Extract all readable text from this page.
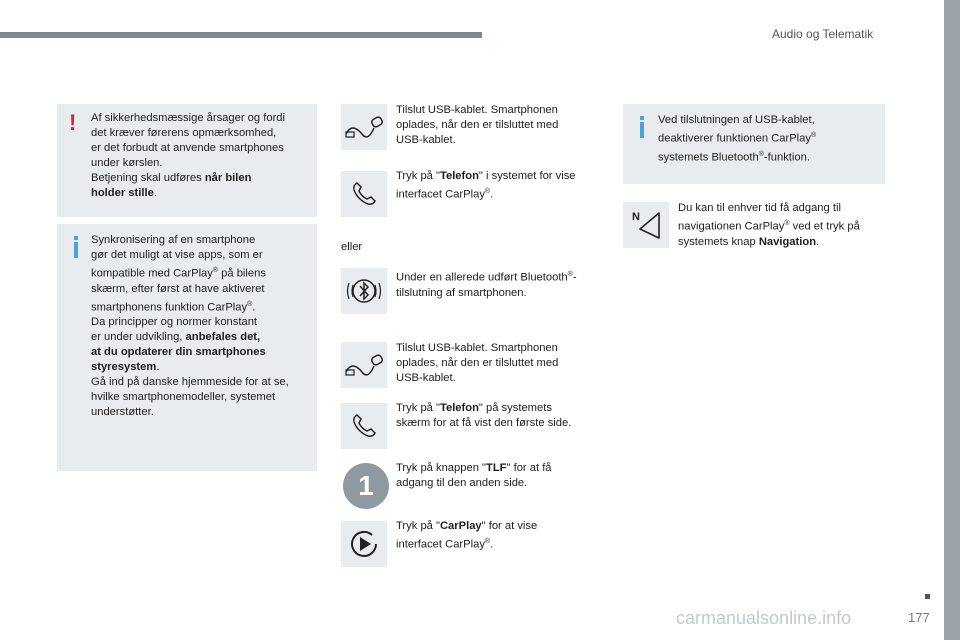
Audio og Telematik
! Af sikkerhedsmæssige årsager og fordi
det kræver førerens opmærksomhed,
er det forbudt at anvende smartphones
under kørslen.
Betjening skal udføres når bilen
holder stille.
Synkronisering af en smartphone
gør det muligt at vise apps, som er
kompatible med CarPlay® på bilens
skærm, efter først at have aktiveret
smartphonens funktion CarPlay®.
Da principper og normer konstant
er under udvikling, anbefales det,
at du opdaterer din smartphones
styresystem.
Gå ind på danske hjemmeside for at se,
hvilke smartphonemodeller, systemet
understøtter.
Tilslut USB-kablet. Smartphonen
oplades, når den er tilsluttet med
USB-kablet.
Tryk på "Telefon" i systemet for vise
interfacet CarPlay®.
eller
Under en allerede udført Bluetooth®-
tilslutning af smartphonen.
Tilslut USB-kablet. Smartphonen
oplades, når den er tilsluttet med
USB-kablet.
Tryk på "Telefon" på systemets
skærm for at få vist den første side.
1
Tryk på knappen "TLF" for at få
adgang til den anden side.
Tryk på "CarPlay" for at vise
interfacet CarPlay®.
Ved tilslutningen af USB-kablet,
deaktiverer funktionen CarPlay®
systemets Bluetooth®-funktion.
N
Du kan til enhver tid få adgang til
navigationen CarPlay® ved et tryk på
systemets knap Navigation.
carmanualsonline.info	177
